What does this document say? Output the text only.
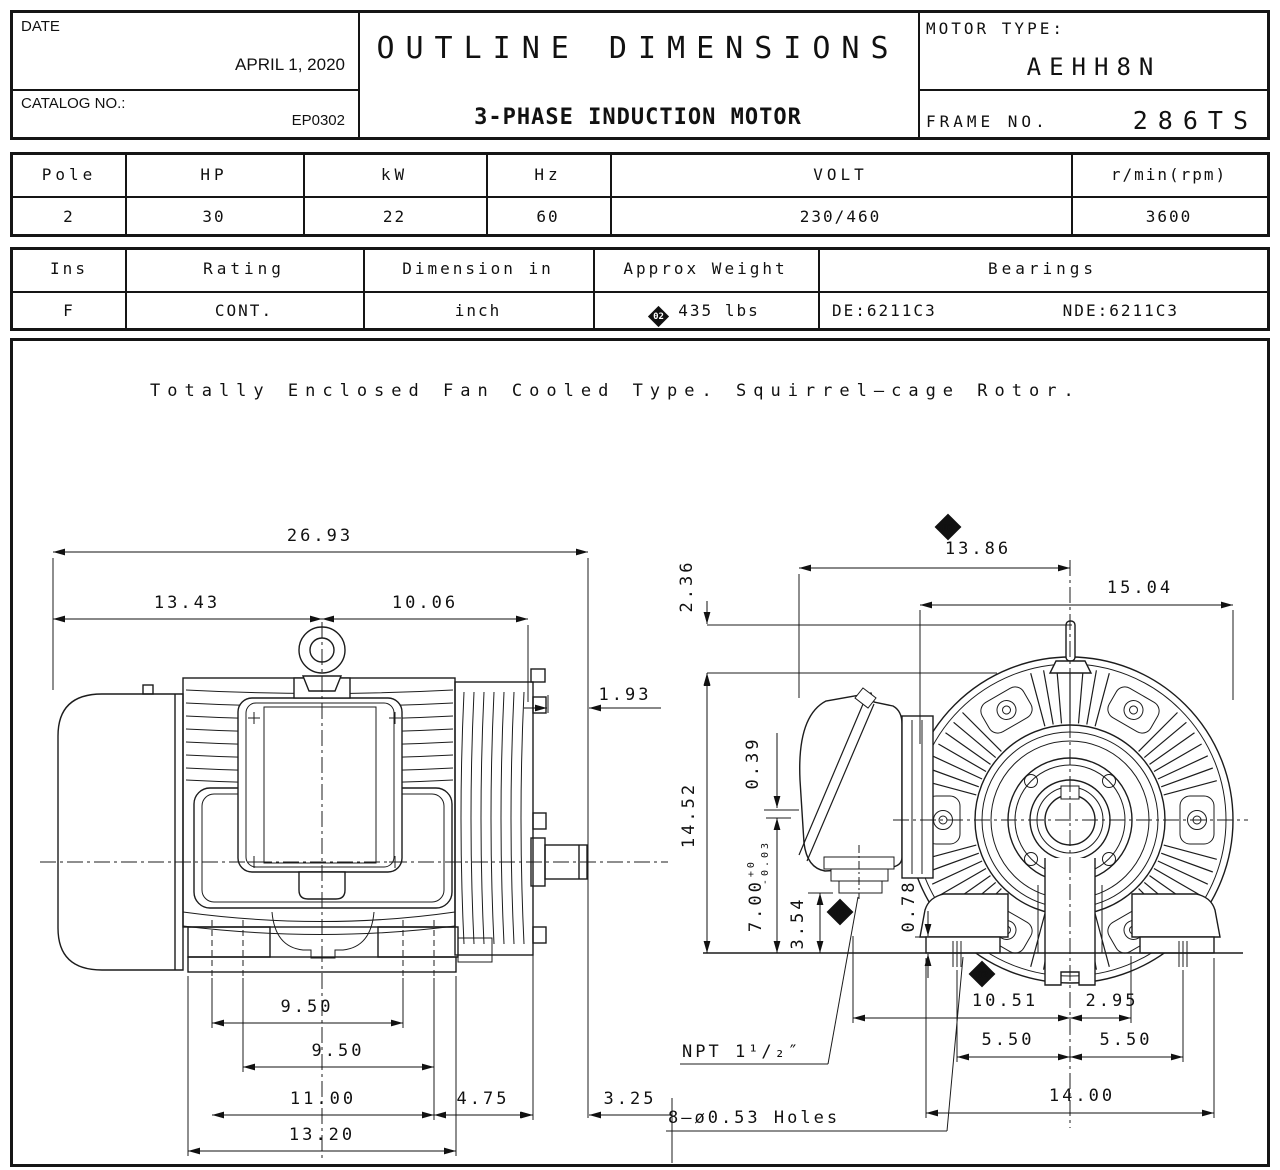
DATE
APRIL 1, 2020
CATALOG NO.:
EP0302
OUTLINE DIMENSIONS
3-PHASE INDUCTION MOTOR
MOTOR TYPE:
AEHH8N
FRAME NO.	286TS
Pole	HP	kW	Hz	VOLT	r/min(rpm)
2	30	22	60	230/460	3600
Ins	Rating	Dimension in	Approx Weight	Bearings
F	CONT.	inch	02 435 lbs	DE:6211C3	NDE:6211C3
Totally Enclosed Fan Cooled Type. Squirrel—cage Rotor.
26.93
13.43	10.06
1.93
9.50
9.50
11.00	4.75	3.25
13.20
13.86
15.04
2.36
14.52
0.39
$7.00^{+0}$ -0.03
3.54	0.78
10.51	2.95
5.50	5.50
14.00
NPT 1¹/₂″
8—ø0.53 Holes
02
02
02
